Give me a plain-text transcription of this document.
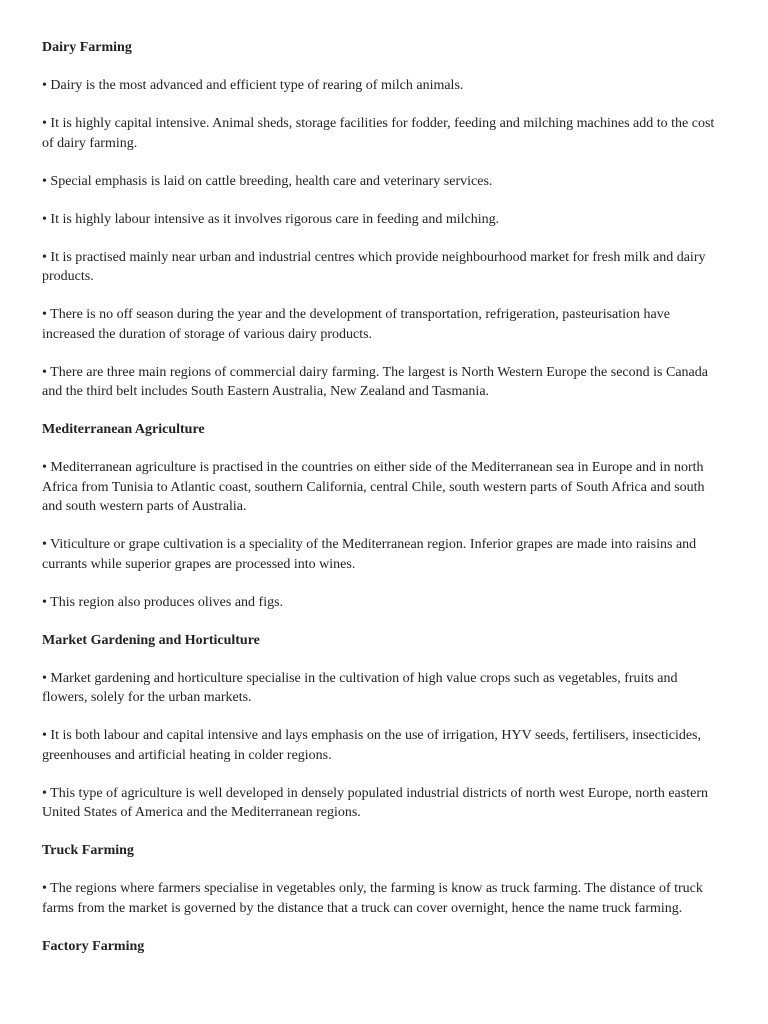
Dairy Farming

• Dairy is the most advanced and efficient type of rearing of milch animals.

• It is highly capital intensive. Animal sheds, storage facilities for fodder, feeding and milching machines add to the cost of dairy farming.

• Special emphasis is laid on cattle breeding, health care and veterinary services.

• It is highly labour intensive as it involves rigorous care in feeding and milching.

• It is practised mainly near urban and industrial centres which provide neighbourhood market for fresh milk and dairy products.

• There is no off season during the year and the development of transportation, refrigeration, pasteurisation have increased the duration of storage of various dairy products.

• There are three main regions of commercial dairy farming. The largest is North Western Europe the second is Canada and the third belt includes South Eastern Australia, New Zealand and Tasmania.

Mediterranean Agriculture

• Mediterranean agriculture is practised in the countries on either side of the Mediterranean sea in Europe and in north Africa from Tunisia to Atlantic coast, southern California, central Chile, south western parts of South Africa and south and south western parts of Australia.

• Viticulture or grape cultivation is a speciality of the Mediterranean region. Inferior grapes are made into raisins and currants while superior grapes are processed into wines.

• This region also produces olives and figs.

Market Gardening and Horticulture

• Market gardening and horticulture specialise in the cultivation of high value crops such as vegetables, fruits and flowers, solely for the urban markets.

• It is both labour and capital intensive and lays emphasis on the use of irrigation, HYV seeds, fertilisers, insecticides, greenhouses and artificial heating in colder regions.

• This type of agriculture is well developed in densely populated industrial districts of north west Europe, north eastern United States of America and the Mediterranean regions.

Truck Farming

• The regions where farmers specialise in vegetables only, the farming is know as truck farming. The distance of truck farms from the market is governed by the distance that a truck can cover overnight, hence the name truck farming.

Factory Farming
